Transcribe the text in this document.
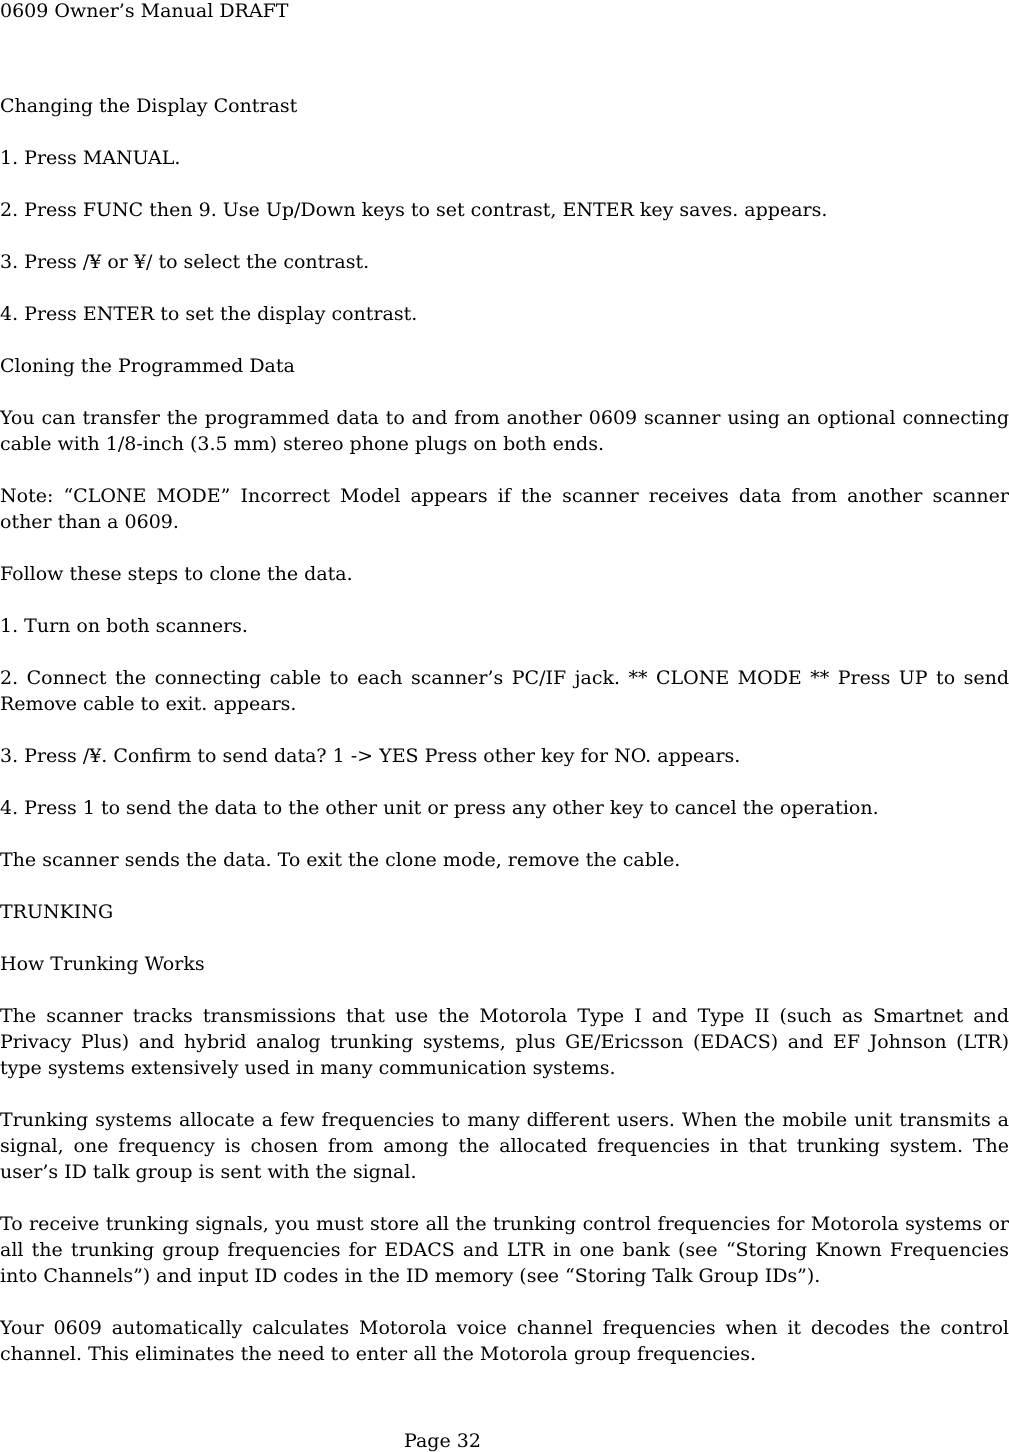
0609 Owner’s Manual DRAFT

Changing the Display Contrast

1. Press MANUAL.

2. Press FUNC then 9. Use Up/Down keys to set contrast, ENTER key saves. appears.

3. Press /¥ or ¥/ to select the contrast.

4. Press ENTER to set the display contrast.

Cloning the Programmed Data

You can transfer the programmed data to and from another 0609 scanner using an optional connecting cable with 1/8-inch (3.5 mm) stereo phone plugs on both ends.

Note: “CLONE MODE” Incorrect Model appears if the scanner receives data from another scanner other than a 0609.

Follow these steps to clone the data.

1. Turn on both scanners.

2. Connect the connecting cable to each scanner’s PC/IF jack. ** CLONE MODE ** Press UP to send Remove cable to exit. appears.

3. Press /¥. Confirm to send data? 1 -> YES Press other key for NO. appears.

4. Press 1 to send the data to the other unit or press any other key to cancel the operation.

The scanner sends the data. To exit the clone mode, remove the cable.

TRUNKING

How Trunking Works

The scanner tracks transmissions that use the Motorola Type I and Type II (such as Smartnet and Privacy Plus) and hybrid analog trunking systems, plus GE/Ericsson (EDACS) and EF Johnson (LTR) type systems extensively used in many communication systems.

Trunking systems allocate a few frequencies to many different users. When the mobile unit transmits a signal, one frequency is chosen from among the allocated frequencies in that trunking system. The user’s ID talk group is sent with the signal.

To receive trunking signals, you must store all the trunking control frequencies for Motorola systems or all the trunking group frequencies for EDACS and LTR in one bank (see “Storing Known Frequencies into Channels”) and input ID codes in the ID memory (see “Storing Talk Group IDs”).

Your 0609 automatically calculates Motorola voice channel frequencies when it decodes the control channel. This eliminates the need to enter all the Motorola group frequencies.

Page 32
